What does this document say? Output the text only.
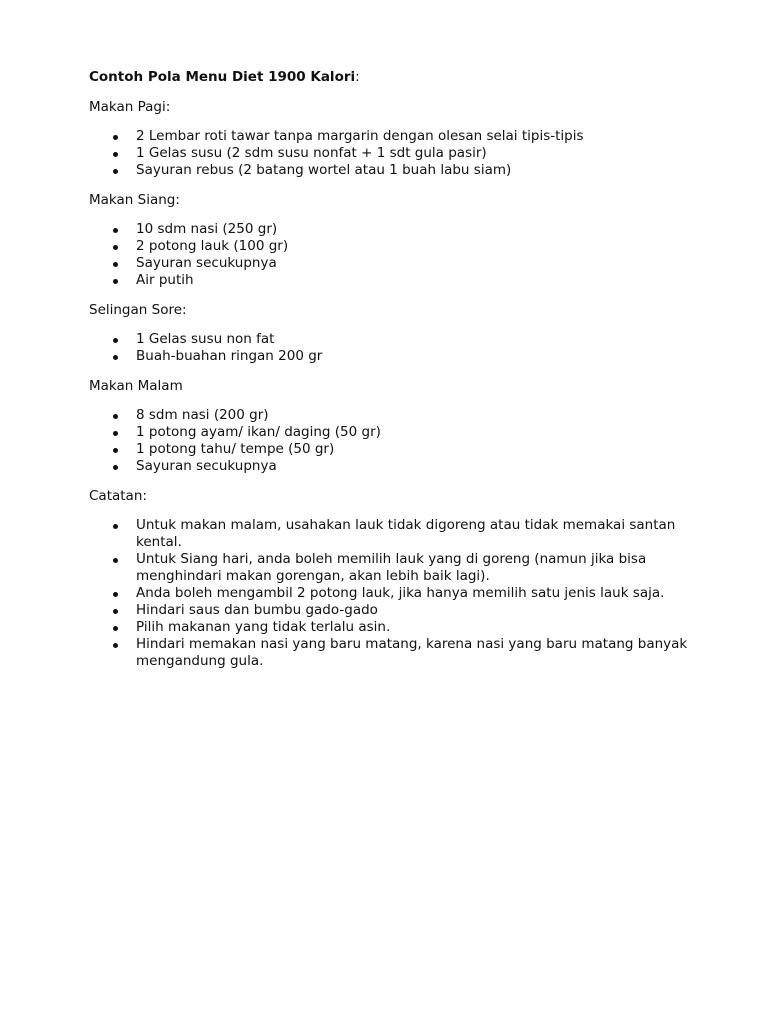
Contoh Pola Menu Diet 1900 Kalori:
Makan Pagi:
2 Lembar roti tawar tanpa margarin dengan olesan selai tipis-tipis
1 Gelas susu (2 sdm susu nonfat + 1 sdt gula pasir)
Sayuran rebus (2 batang wortel atau 1 buah labu siam)
Makan Siang:
10 sdm nasi (250 gr)
2 potong lauk (100 gr)
Sayuran secukupnya
Air putih
Selingan Sore:
1 Gelas susu non fat
Buah-buahan ringan 200 gr
Makan Malam
8 sdm nasi (200 gr)
1 potong ayam/ ikan/ daging (50 gr)
1 potong tahu/ tempe (50 gr)
Sayuran secukupnya
Catatan:
Untuk makan malam, usahakan lauk tidak digoreng atau tidak memakai santan kental.
Untuk Siang hari, anda boleh memilih lauk yang di goreng (namun jika bisa menghindari makan gorengan, akan lebih baik lagi).
Anda boleh mengambil 2 potong lauk, jika hanya memilih satu jenis lauk saja.
Hindari saus dan bumbu gado-gado
Pilih makanan yang tidak terlalu asin.
Hindari memakan nasi yang baru matang, karena nasi yang baru matang banyak mengandung gula.
